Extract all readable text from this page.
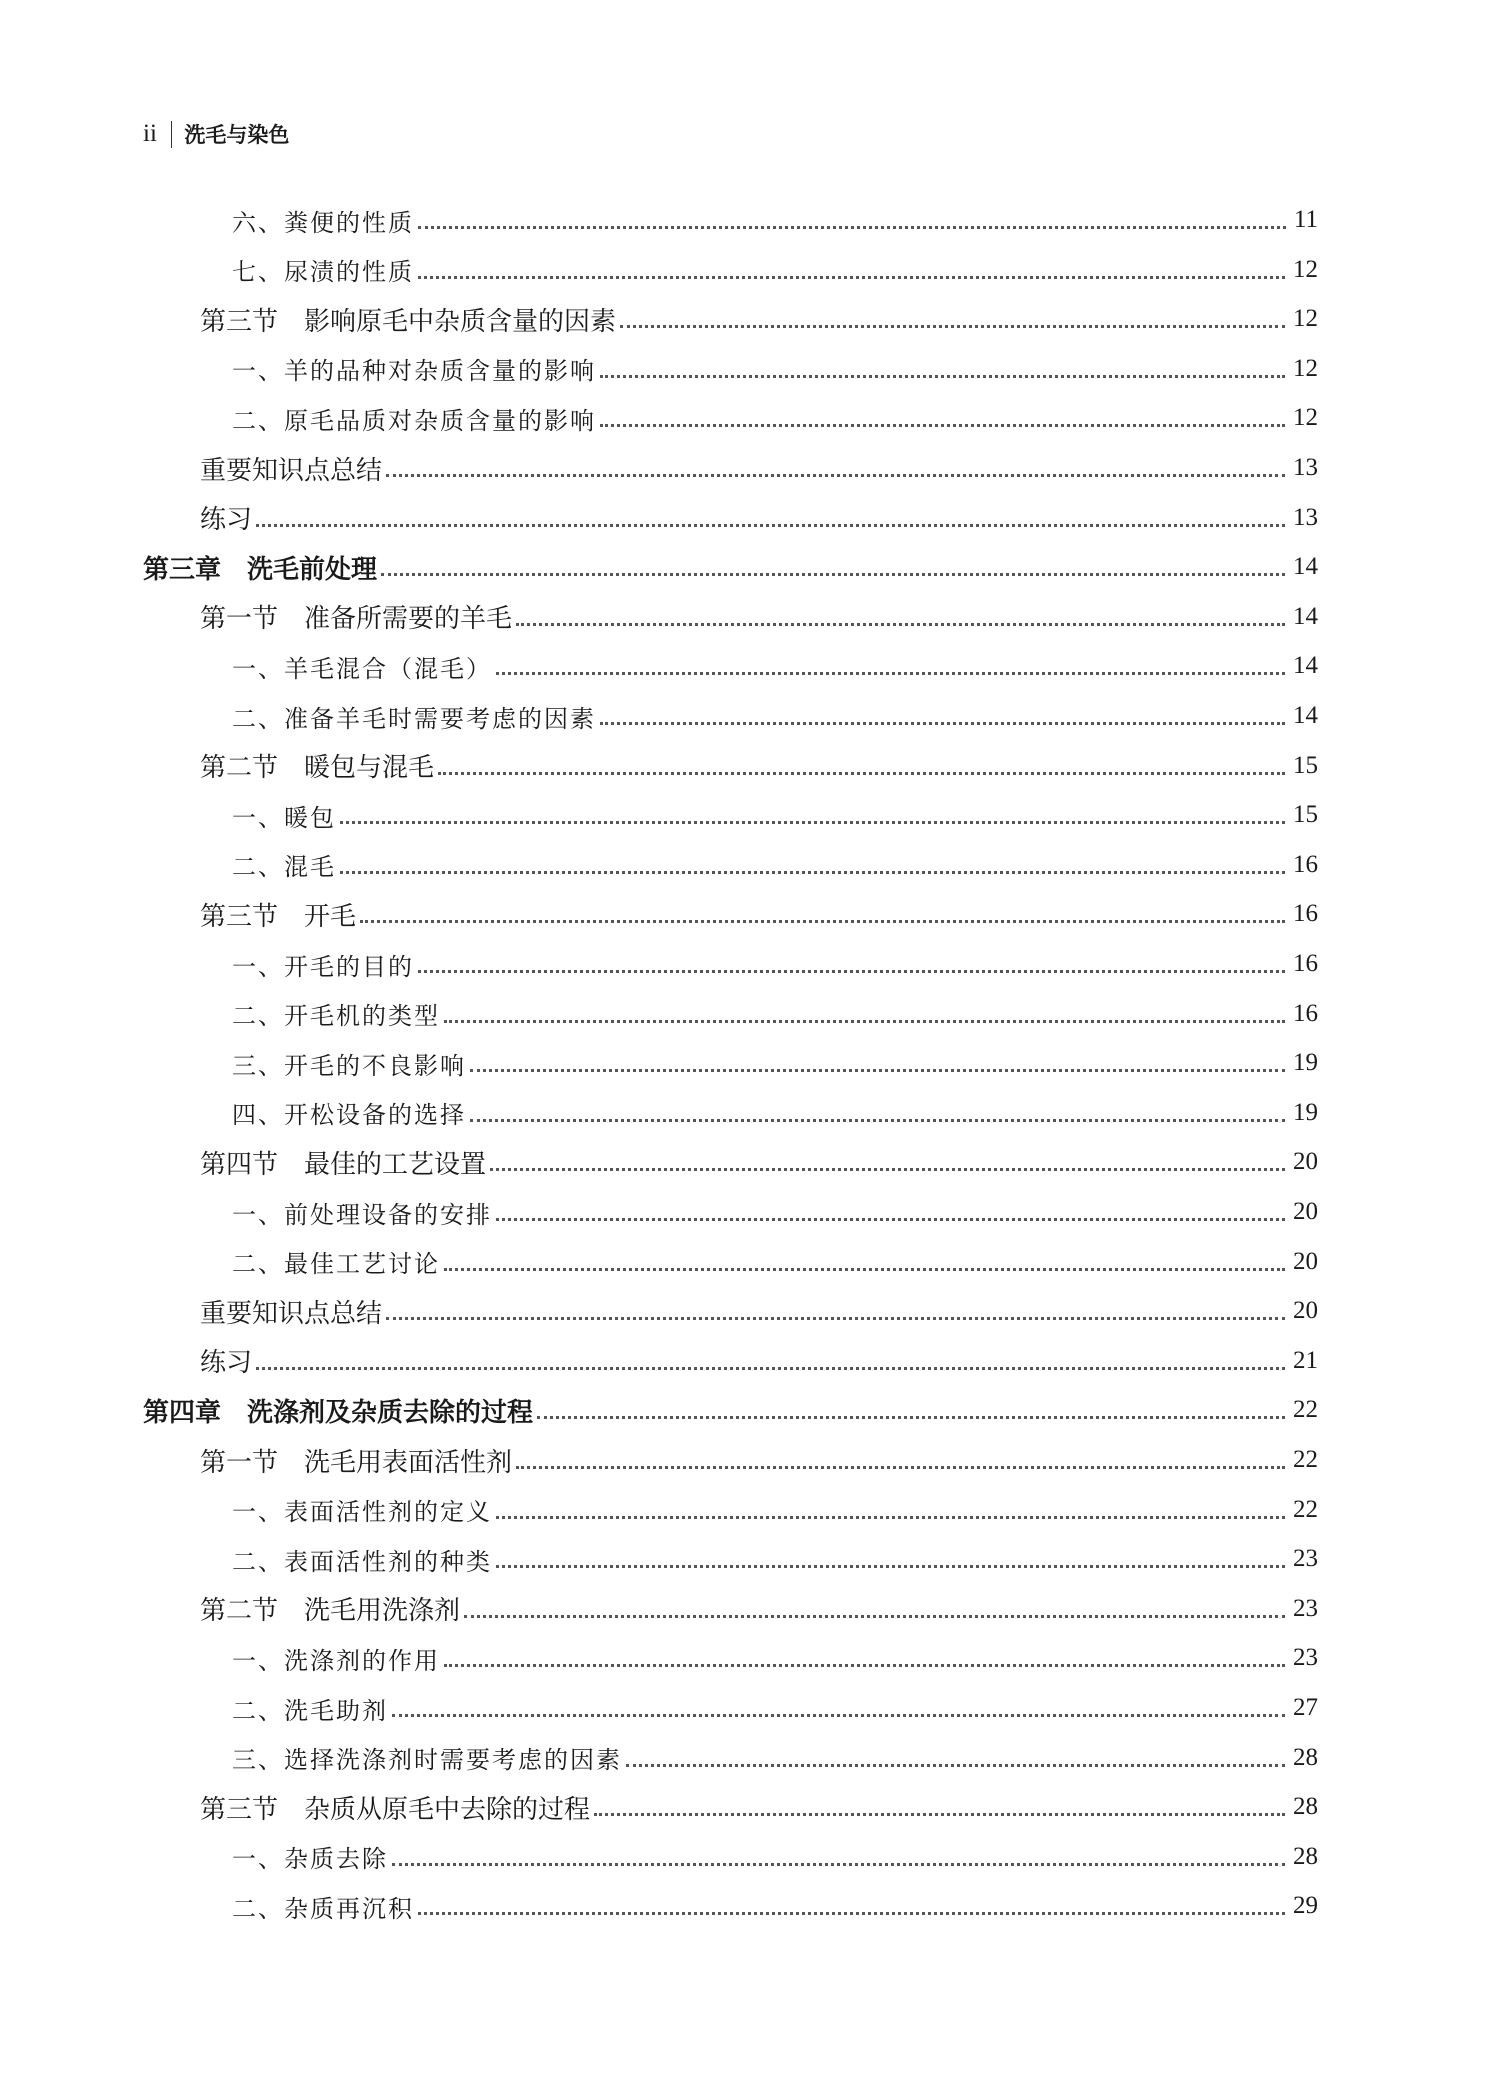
ii 洗毛与染色
六、粪便的性质	11
七、尿渍的性质	12
第三节　影响原毛中杂质含量的因素	12
一、羊的品种对杂质含量的影响	12
二、原毛品质对杂质含量的影响	12
重要知识点总结	13
练习	13
第三章　洗毛前处理	14
第一节　准备所需要的羊毛	14
一、羊毛混合（混毛）	14
二、准备羊毛时需要考虑的因素	14
第二节　暖包与混毛	15
一、暖包	15
二、混毛	16
第三节　开毛	16
一、开毛的目的	16
二、开毛机的类型	16
三、开毛的不良影响	19
四、开松设备的选择	19
第四节　最佳的工艺设置	20
一、前处理设备的安排	20
二、最佳工艺讨论	20
重要知识点总结	20
练习	21
第四章　洗涤剂及杂质去除的过程	22
第一节　洗毛用表面活性剂	22
一、表面活性剂的定义	22
二、表面活性剂的种类	23
第二节　洗毛用洗涤剂	23
一、洗涤剂的作用	23
二、洗毛助剂	27
三、选择洗涤剂时需要考虑的因素	28
第三节　杂质从原毛中去除的过程	28
一、杂质去除	28
二、杂质再沉积	29
